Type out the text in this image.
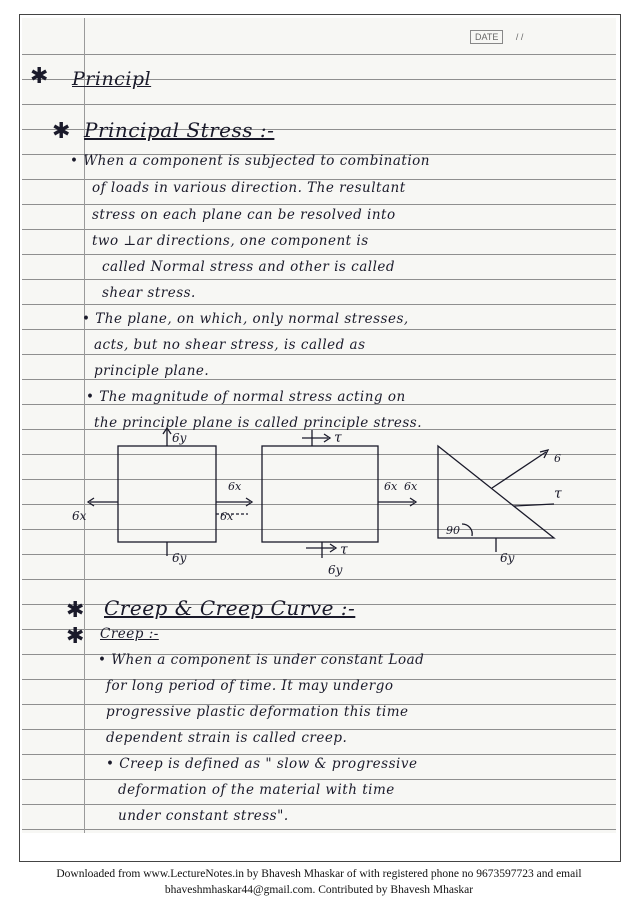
DATE / /
✱ Principl
✱ Principal Stress :-
• When a component is subjected to combination
of loads in various direction. The resultant
stress on each plane can be resolved into
two ⊥ar directions, one component is
called Normal stress and other is called
shear stress.
• The plane, on which, only normal stresses,
acts, but no shear stress, is called as
principle plane.
• The magnitude of normal stress acting on
the principle plane is called principle stress.
6y
6x
6x
6x
6y
τ
6x 6x
τ
6y
6
τ
90
6y
✱ Creep & Creep Curve :-
✱ Creep :-
• When a component is under constant Load
for long period of time. It may undergo
progressive plastic deformation this time
dependent strain is called creep.
• Creep is defined as " slow & progressive
deformation of the material with time
under constant stress".
Downloaded from www.LectureNotes.in by Bhavesh Mhaskar of with registered phone no 9673597723 and email
bhaveshmhaskar44@gmail.com. Contributed by Bhavesh Mhaskar
